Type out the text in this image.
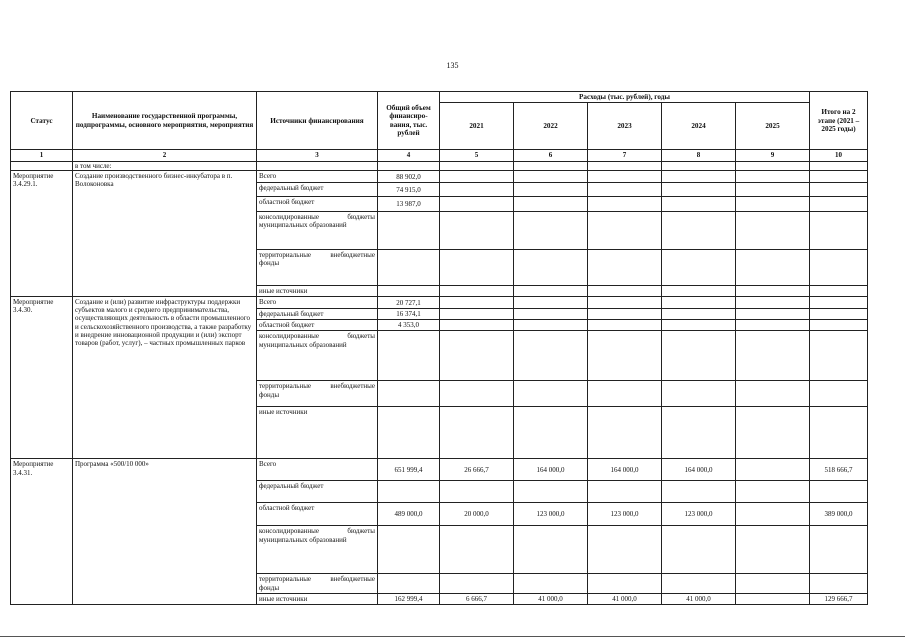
135
Статус	Наименование государственной программы, подпрограммы, основного мероприятия, мероприятия	Источники финансирования	Общий объем финансиро-вания, тыс. рублей	Расходы (тыс. рублей), годы					Итого на 2 этапе (2021 – 2025 годы)
				2021	2022	2023	2024	2025	
1	2	3	4	5	6	7	8	9	10
	в том числе:								
Мероприятие 3.4.29.1.	Создание производственного бизнес-инкубатора в п. Волоконовка	Всего	88 902,0						
		федеральный бюджет	74 915,0						
		областной бюджет	13 987,0						
		консолидированные бюджеты муниципальных образований							
		территориальные внебюджетные фонды							
		иные источники							
Мероприятие 3.4.30.	Создание и (или) развитие инфраструктуры поддержки субъектов малого и среднего предпринимательства, осуществляющих деятельность в области промышленного и сельскохозяйственного производства, а также разработку и внедрение инновационной продукции и (или) экспорт товаров (работ, услуг), – частных промышленных парков	Всего	20 727,1						
		федеральный бюджет	16 374,1						
		областной бюджет	4 353,0						
		консолидированные бюджеты муниципальных образований							
		территориальные внебюджетные фонды							
		иные источники							
Мероприятие 3.4.31.	Программа «500/10 000»	Всего	651 999,4	26 666,7	164 000,0	164 000,0	164 000,0		518 666,7
		федеральный бюджет							
		областной бюджет	489 000,0	20 000,0	123 000,0	123 000,0	123 000,0		389 000,0
		консолидированные бюджеты муниципальных образований							
		территориальные внебюджетные фонды							
		иные источники	162 999,4	6 666,7	41 000,0	41 000,0	41 000,0		129 666,7
